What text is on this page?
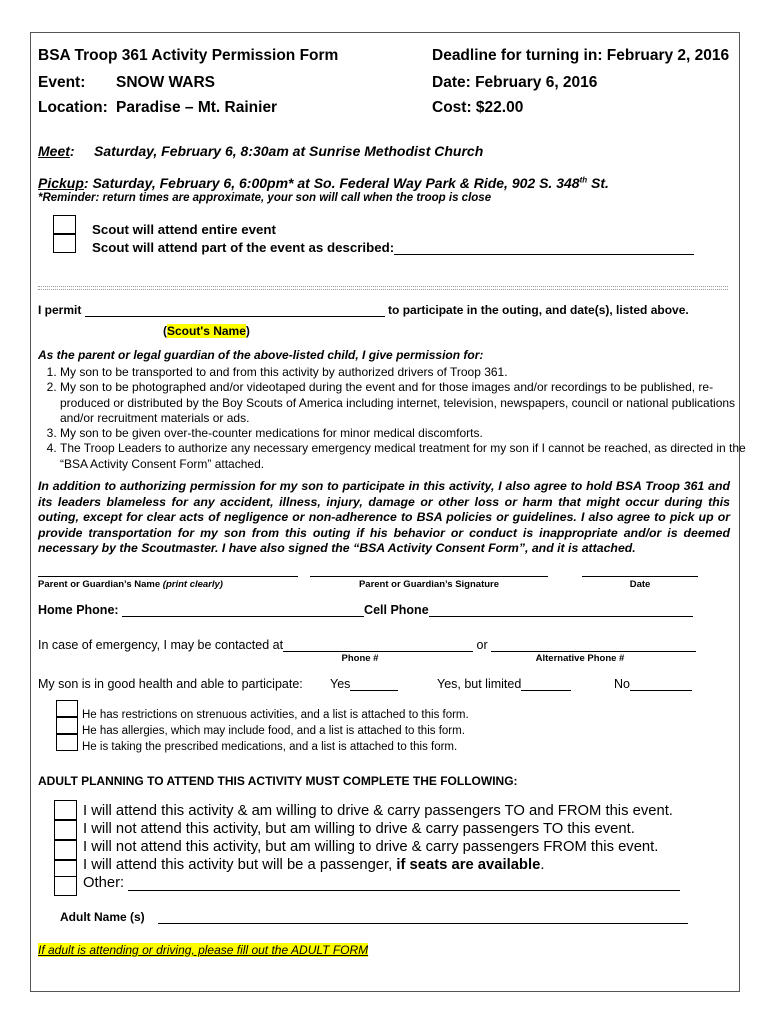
BSA Troop 361 Activity Permission Form	Deadline for turning in: February 2, 2016
Event: SNOW WARS	Date: February 6, 2016
Location: Paradise – Mt. Rainier	Cost: $22.00
Meet: Saturday, February 6, 8:30am at Sunrise Methodist Church
Pickup: Saturday, February 6, 6:00pm* at So. Federal Way Park & Ride, 902 S. 348th St.
*Reminder: return times are approximate, your son will call when the troop is close
Scout will attend entire event
Scout will attend part of the event as described:
I permit	to participate in the outing, and date(s), listed above.
(Scout's Name)
As the parent or legal guardian of the above-listed child, I give permission for:
1. My son to be transported to and from this activity by authorized drivers of Troop 361.
2. My son to be photographed and/or videotaped during the event and for those images and/or recordings to be published, re-produced or distributed by the Boy Scouts of America including internet, television, newspapers, council or national publications and/or recruitment materials or ads.
3. My son to be given over-the-counter medications for minor medical discomforts.
4. The Troop Leaders to authorize any necessary emergency medical treatment for my son if I cannot be reached, as directed in the “BSA Activity Consent Form” attached.
In addition to authorizing permission for my son to participate in this activity, I also agree to hold BSA Troop 361 and its leaders blameless for any accident, illness, injury, damage or other loss or harm that might occur during this outing, except for clear acts of negligence or non-adherence to BSA policies or guidelines. I also agree to pick up or provide transportation for my son from this outing if his behavior or conduct is inappropriate and/or is deemed necessary by the Scoutmaster. I have also signed the “BSA Activity Consent Form”, and it is attached.
Parent or Guardian’s Name (print clearly)	Parent or Guardian’s Signature	Date
Home Phone:	Cell Phone
In case of emergency, I may be contacted at	or
Phone #	Alternative Phone #
My son is in good health and able to participate: Yes	Yes, but limited	No
He has restrictions on strenuous activities, and a list is attached to this form.
He has allergies, which may include food, and a list is attached to this form.
He is taking the prescribed medications, and a list is attached to this form.
ADULT PLANNING TO ATTEND THIS ACTIVITY MUST COMPLETE THE FOLLOWING:
I will attend this activity & am willing to drive & carry passengers TO and FROM this event.
I will not attend this activity, but am willing to drive & carry passengers TO this event.
I will not attend this activity, but am willing to drive & carry passengers FROM this event.
I will attend this activity but will be a passenger, if seats are available.
Other:
Adult Name (s)
If adult is attending or driving, please fill out the ADULT FORM
